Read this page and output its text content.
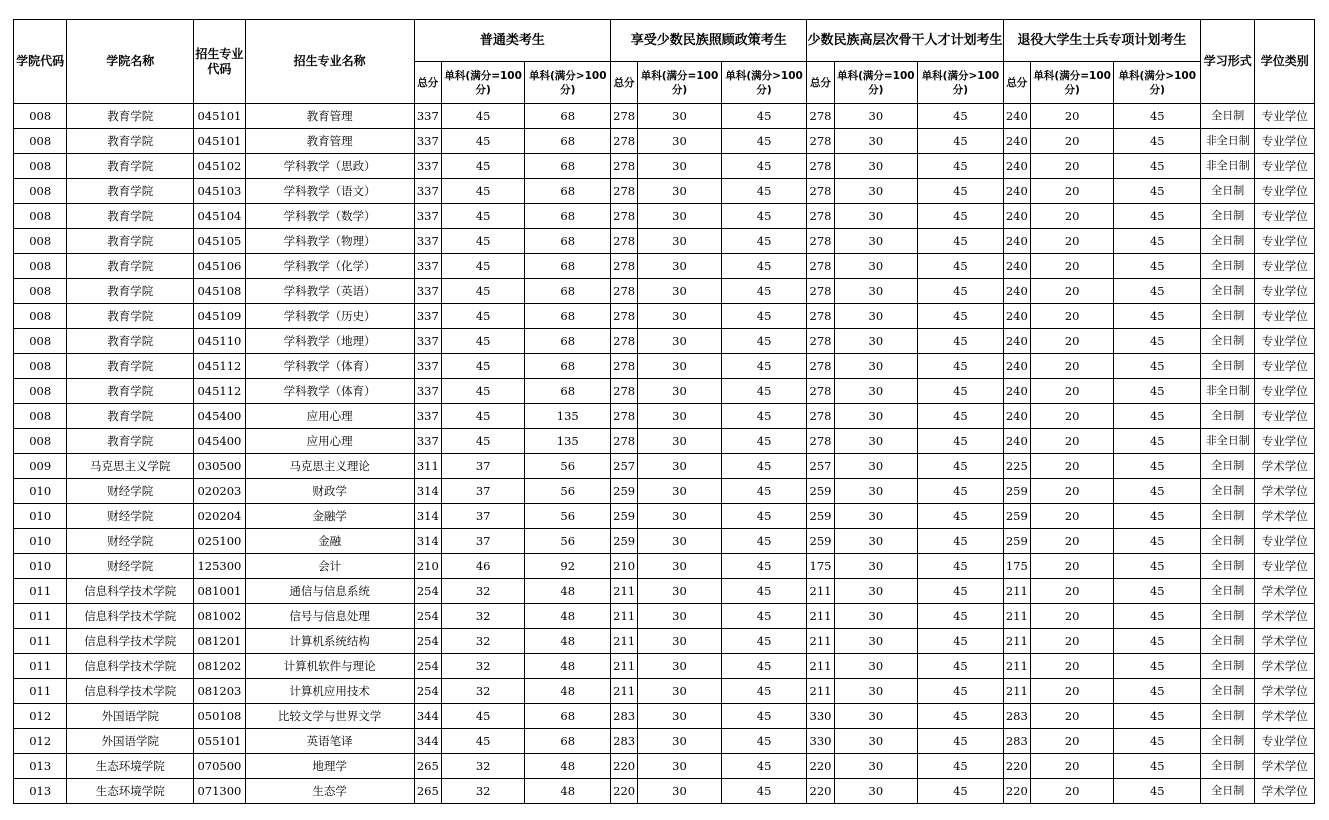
学院代码	学院名称	招生专业代码	招生专业名称	普通类考生			享受少数民族照顾政策考生			少数民族高层次骨干人才计划考生			退役大学生士兵专项计划考生			学习形式	学位类别
				总分	单科(满分=100分)	单科(满分>100分)	总分	单科(满分=100分)	单科(满分>100分)	总分	单科(满分=100分)	单科(满分>100分)	总分	单科(满分=100分)	单科(满分>100分)		
008	教育学院	045101	教育管理	337	45	68	278	30	45	278	30	45	240	20	45	全日制	专业学位
008	教育学院	045101	教育管理	337	45	68	278	30	45	278	30	45	240	20	45	非全日制	专业学位
008	教育学院	045102	学科教学（思政）	337	45	68	278	30	45	278	30	45	240	20	45	非全日制	专业学位
008	教育学院	045103	学科教学（语文）	337	45	68	278	30	45	278	30	45	240	20	45	全日制	专业学位
008	教育学院	045104	学科教学（数学）	337	45	68	278	30	45	278	30	45	240	20	45	全日制	专业学位
008	教育学院	045105	学科教学（物理）	337	45	68	278	30	45	278	30	45	240	20	45	全日制	专业学位
008	教育学院	045106	学科教学（化学）	337	45	68	278	30	45	278	30	45	240	20	45	全日制	专业学位
008	教育学院	045108	学科教学（英语）	337	45	68	278	30	45	278	30	45	240	20	45	全日制	专业学位
008	教育学院	045109	学科教学（历史）	337	45	68	278	30	45	278	30	45	240	20	45	全日制	专业学位
008	教育学院	045110	学科教学（地理）	337	45	68	278	30	45	278	30	45	240	20	45	全日制	专业学位
008	教育学院	045112	学科教学（体育）	337	45	68	278	30	45	278	30	45	240	20	45	全日制	专业学位
008	教育学院	045112	学科教学（体育）	337	45	68	278	30	45	278	30	45	240	20	45	非全日制	专业学位
008	教育学院	045400	应用心理	337	45	135	278	30	45	278	30	45	240	20	45	全日制	专业学位
008	教育学院	045400	应用心理	337	45	135	278	30	45	278	30	45	240	20	45	非全日制	专业学位
009	马克思主义学院	030500	马克思主义理论	311	37	56	257	30	45	257	30	45	225	20	45	全日制	学术学位
010	财经学院	020203	财政学	314	37	56	259	30	45	259	30	45	259	20	45	全日制	学术学位
010	财经学院	020204	金融学	314	37	56	259	30	45	259	30	45	259	20	45	全日制	学术学位
010	财经学院	025100	金融	314	37	56	259	30	45	259	30	45	259	20	45	全日制	专业学位
010	财经学院	125300	会计	210	46	92	210	30	45	175	30	45	175	20	45	全日制	专业学位
011	信息科学技术学院	081001	通信与信息系统	254	32	48	211	30	45	211	30	45	211	20	45	全日制	学术学位
011	信息科学技术学院	081002	信号与信息处理	254	32	48	211	30	45	211	30	45	211	20	45	全日制	学术学位
011	信息科学技术学院	081201	计算机系统结构	254	32	48	211	30	45	211	30	45	211	20	45	全日制	学术学位
011	信息科学技术学院	081202	计算机软件与理论	254	32	48	211	30	45	211	30	45	211	20	45	全日制	学术学位
011	信息科学技术学院	081203	计算机应用技术	254	32	48	211	30	45	211	30	45	211	20	45	全日制	学术学位
012	外国语学院	050108	比较文学与世界文学	344	45	68	283	30	45	330	30	45	283	20	45	全日制	学术学位
012	外国语学院	055101	英语笔译	344	45	68	283	30	45	330	30	45	283	20	45	全日制	专业学位
013	生态环境学院	070500	地理学	265	32	48	220	30	45	220	30	45	220	20	45	全日制	学术学位
013	生态环境学院	071300	生态学	265	32	48	220	30	45	220	30	45	220	20	45	全日制	学术学位
